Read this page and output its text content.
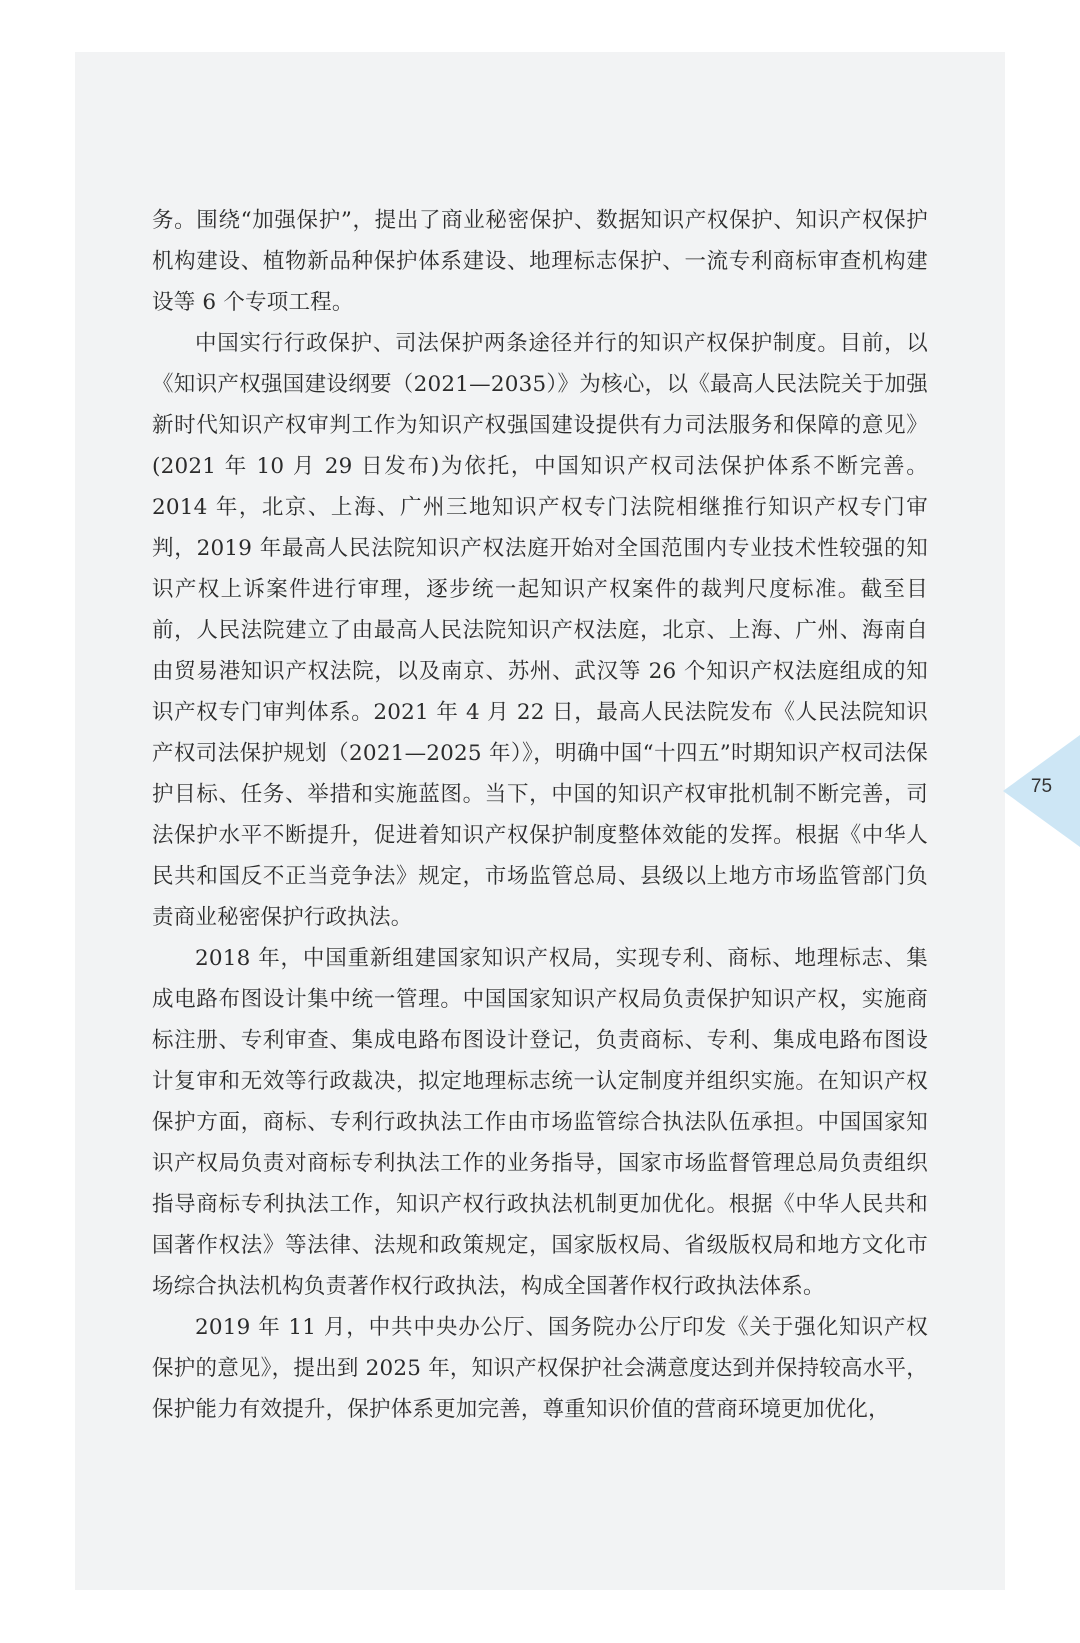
务。围绕“加强保护”，提出了商业秘密保护、数据知识产权保护、知识产权保护机构建设、植物新品种保护体系建设、地理标志保护、一流专利商标审查机构建设等 6 个专项工程。

中国实行行政保护、司法保护两条途径并行的知识产权保护制度。目前，以《知识产权强国建设纲要（2021—2035）》为核心，以《最高人民法院关于加强新时代知识产权审判工作为知识产权强国建设提供有力司法服务和保障的意见》(2021 年 10 月 29 日发布)为依托，中国知识产权司法保护体系不断完善。2014 年，北京、上海、广州三地知识产权专门法院相继推行知识产权专门审判，2019 年最高人民法院知识产权法庭开始对全国范围内专业技术性较强的知识产权上诉案件进行审理，逐步统一起知识产权案件的裁判尺度标准。截至目前，人民法院建立了由最高人民法院知识产权法庭，北京、上海、广州、海南自由贸易港知识产权法院，以及南京、苏州、武汉等 26 个知识产权法庭组成的知识产权专门审判体系。2021 年 4 月 22 日，最高人民法院发布《人民法院知识产权司法保护规划（2021—2025 年）》，明确中国“十四五”时期知识产权司法保护目标、任务、举措和实施蓝图。当下，中国的知识产权审批机制不断完善，司法保护水平不断提升，促进着知识产权保护制度整体效能的发挥。根据《中华人民共和国反不正当竞争法》规定，市场监管总局、县级以上地方市场监管部门负责商业秘密保护行政执法。

2018 年，中国重新组建国家知识产权局，实现专利、商标、地理标志、集成电路布图设计集中统一管理。中国国家知识产权局负责保护知识产权，实施商标注册、专利审查、集成电路布图设计登记，负责商标、专利、集成电路布图设计复审和无效等行政裁决，拟定地理标志统一认定制度并组织实施。在知识产权保护方面，商标、专利行政执法工作由市场监管综合执法队伍承担。中国国家知识产权局负责对商标专利执法工作的业务指导，国家市场监督管理总局负责组织指导商标专利执法工作，知识产权行政执法机制更加优化。根据《中华人民共和国著作权法》等法律、法规和政策规定，国家版权局、省级版权局和地方文化市场综合执法机构负责著作权行政执法，构成全国著作权行政执法体系。

2019 年 11 月，中共中央办公厅、国务院办公厅印发《关于强化知识产权保护的意见》，提出到 2025 年，知识产权保护社会满意度达到并保持较高水平，保护能力有效提升，保护体系更加完善，尊重知识价值的营商环境更加优化，

75
